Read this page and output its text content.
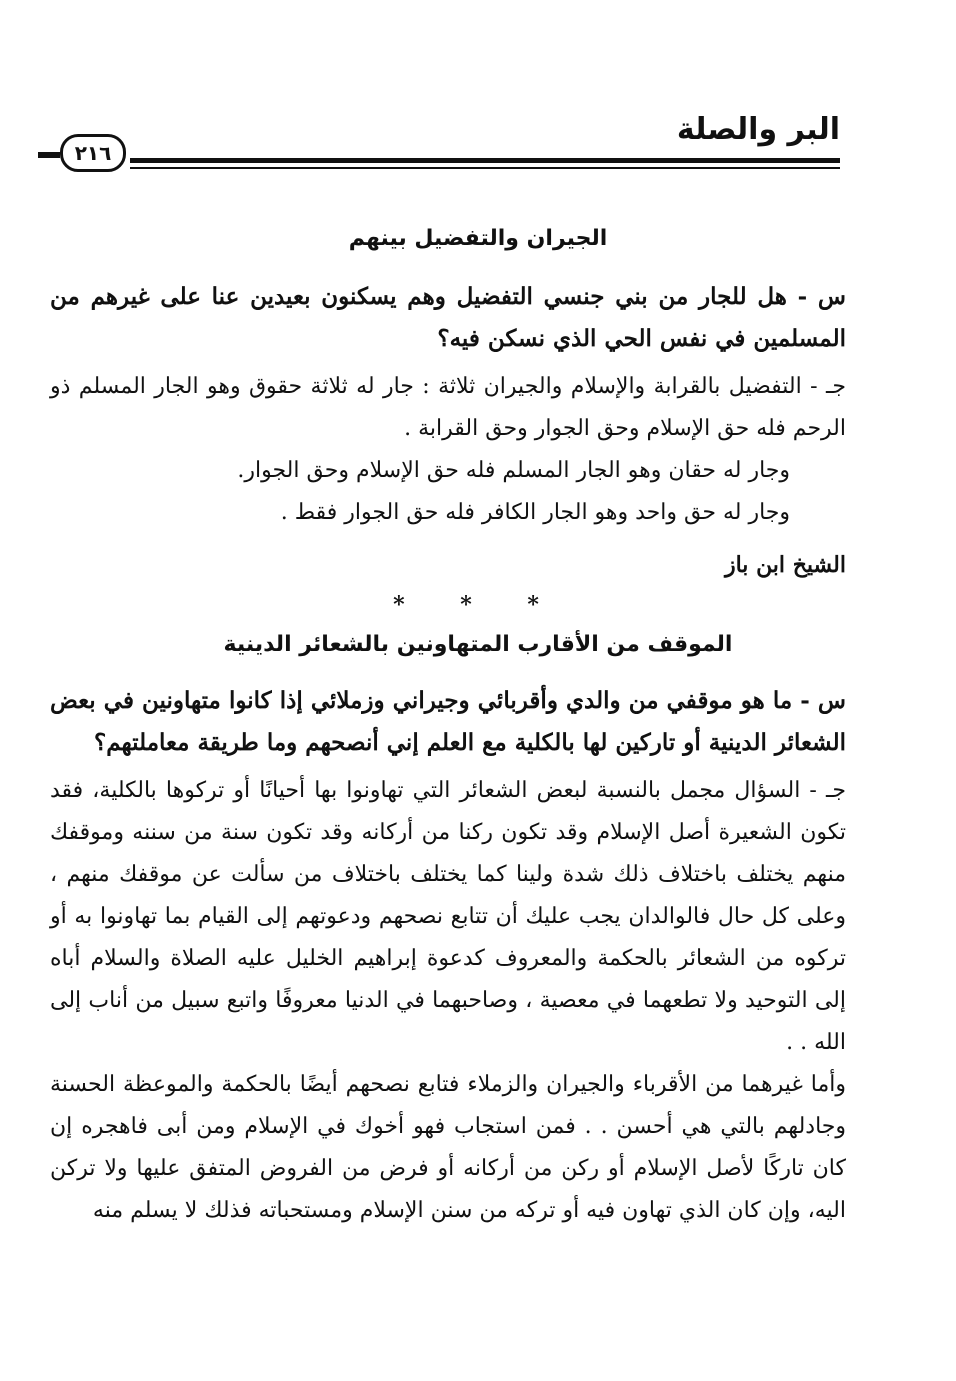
البر والصلة
٢١٦
الجيران والتفضيل بينهم

س - هل للجار من بني جنسي التفضيل وهم يسكنون بعيدين عنا على غيرهم من المسلمين في نفس الحي الذي نسكن فيه؟

جـ - التفضيل بالقرابة والإسلام والجيران ثلاثة : جار له ثلاثة حقوق وهو الجار المسلم ذو الرحم فله حق الإسلام وحق الجوار وحق القرابة .

وجار له حقان وهو الجار المسلم فله حق الإسلام وحق الجوار.

وجار له حق واحد وهو الجار الكافر فله حق الجوار فقط .

الشيخ ابن باز
* * *
الموقف من الأقارب المتهاونين بالشعائر الدينية

س - ما هو موقفي من والدي وأقربائي وجيراني وزملائي إذا كانوا متهاونين في بعض الشعائر الدينية أو تاركين لها بالكلية مع العلم إني أنصحهم وما طريقة معاملتهم؟

جـ - السؤال مجمل بالنسبة لبعض الشعائر التي تهاونوا بها أحيانًا أو تركوها بالكلية، فقد تكون الشعيرة أصل الإسلام وقد تكون ركنا من أركانه وقد تكون سنة من سننه وموقفك منهم يختلف باختلاف ذلك شدة ولينا كما يختلف باختلاف من سألت عن موقفك منهم ، وعلى كل حال فالوالدان يجب عليك أن تتابع نصحهم ودعوتهم إلى القيام بما تهاونوا به أو تركوه من الشعائر بالحكمة والمعروف كدعوة إبراهيم الخليل عليه الصلاة والسلام أباه إلى التوحيد ولا تطعهما في معصية ، وصاحبهما في الدنيا معروفًا واتبع سبيل من أناب إلى الله . .

وأما غيرهما من الأقرباء والجيران والزملاء فتابع نصحهم أيضًا بالحكمة والموعظة الحسنة وجادلهم بالتي هي أحسن . . فمن استجاب فهو أخوك في الإسلام ومن أبى فاهجره إن كان تاركًا لأصل الإسلام أو ركن من أركانه أو فرض من الفروض المتفق عليها ولا تركن اليه، وإن كان الذي تهاون فيه أو تركه من سنن الإسلام ومستحباته فذلك لا يسلم منه
